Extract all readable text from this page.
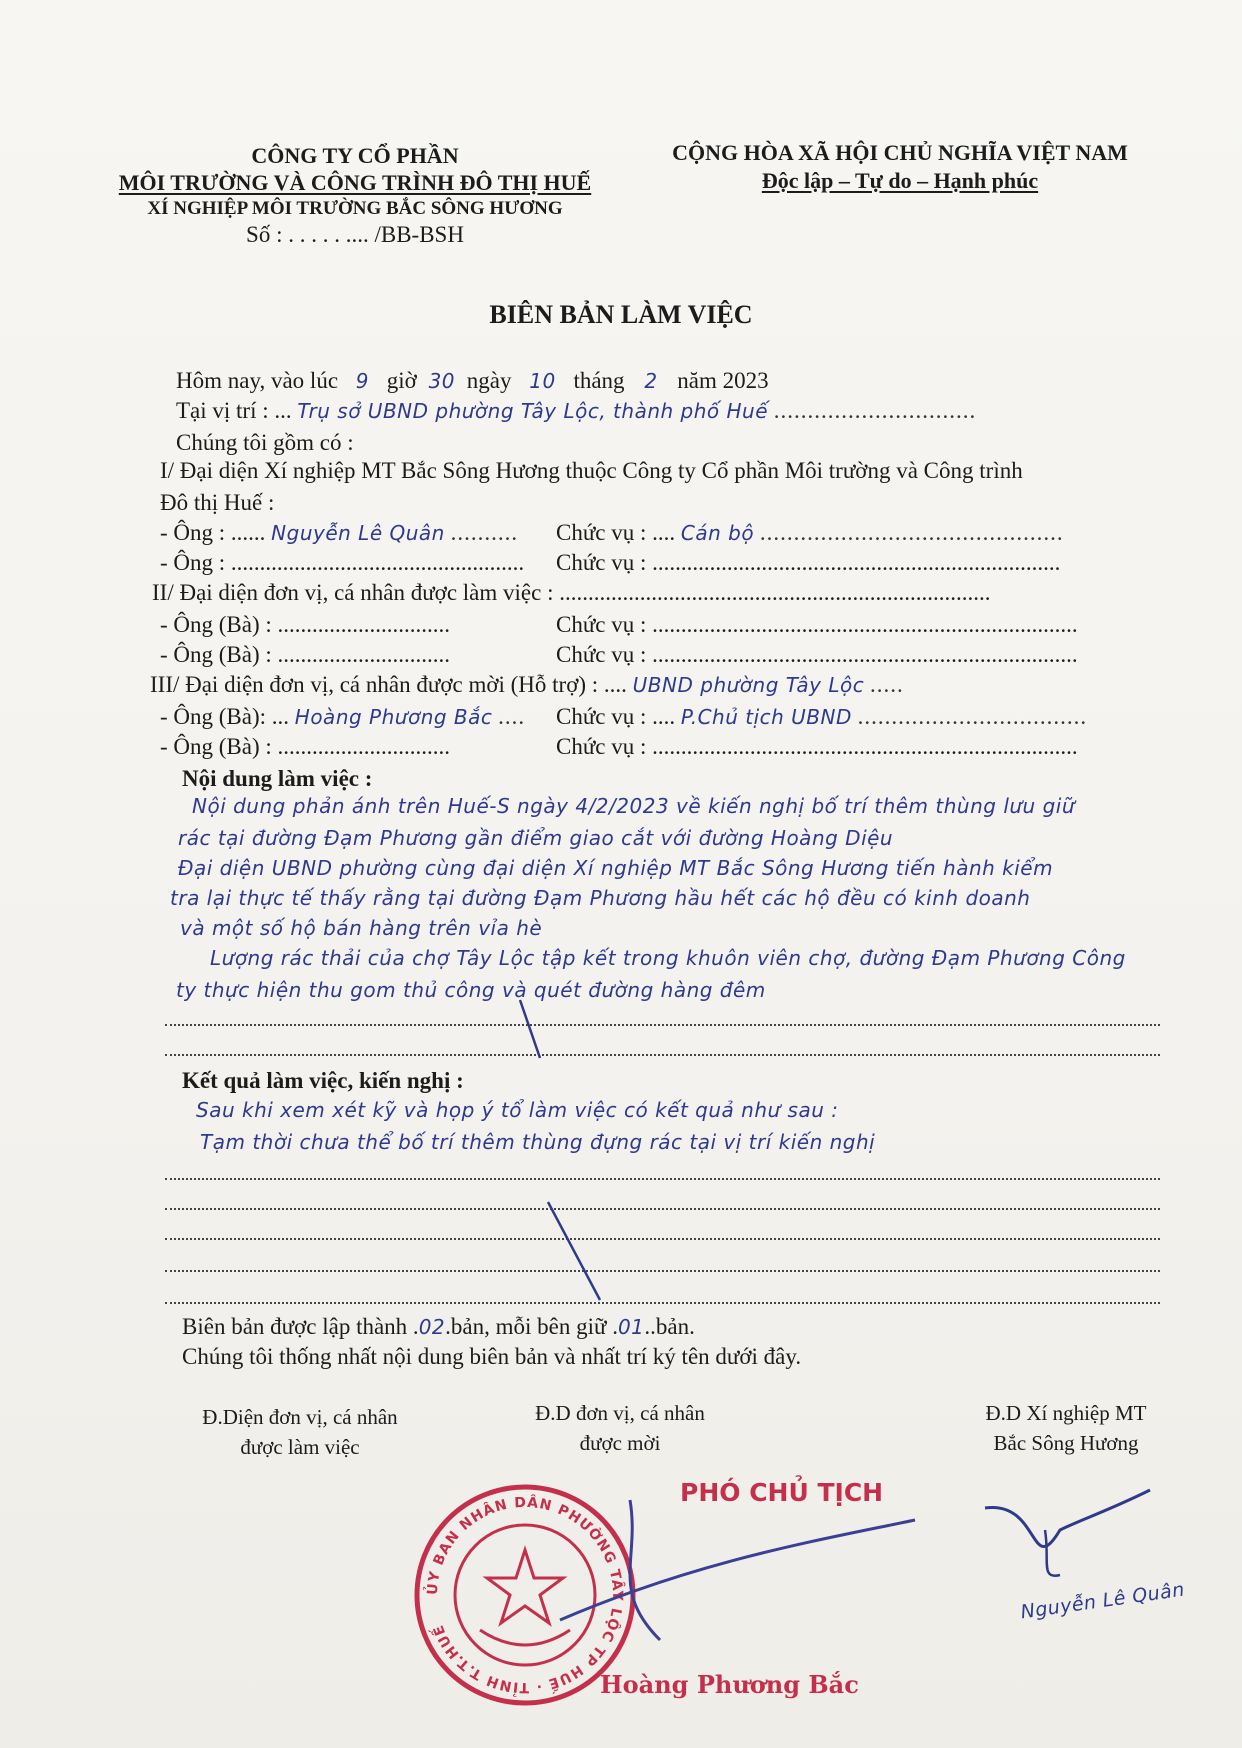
CÔNG TY CỔ PHẦN
MÔI TRƯỜNG VÀ CÔNG TRÌNH ĐÔ THỊ HUẾ
XÍ NGHIỆP MÔI TRƯỜNG BẮC SÔNG HƯƠNG
Số : . . . . . .... /BB-BSH
CỘNG HÒA XÃ HỘI CHỦ NGHĨA VIỆT NAM
Độc lập – Tự do – Hạnh phúc
BIÊN BẢN LÀM VIỆC
Hôm nay, vào lúc 9 giờ 30 ngày 10 tháng 2 năm 2023
Tại vị trí : ... Trụ sở UBND phường Tây Lộc, thành phố Huế ..............................
Chúng tôi gồm có :
I/ Đại diện Xí nghiệp MT Bắc Sông Hương thuộc Công ty Cổ phần Môi trường và Công trình
Đô thị Huế :
- Ông : ...... Nguyễn Lê Quân .......... Chức vụ : .... Cán bộ .............................................
- Ông : ................................................... Chức vụ : .......................................................................
II/ Đại diện đơn vị, cá nhân được làm việc : ...........................................................................
- Ông (Bà) : ..............................	Chức vụ : ..........................................................................
- Ông (Bà) : ..............................	Chức vụ : ..........................................................................
III/ Đại diện đơn vị, cá nhân được mời (Hỗ trợ) : .... UBND phường Tây Lộc .....
- Ông (Bà): ... Hoàng Phương Bắc .... Chức vụ : .... P.Chủ tịch UBND ..................................
- Ông (Bà) : ..............................	Chức vụ : ..........................................................................
Nội dung làm việc :
Nội dung phản ánh trên Huế-S ngày 4/2/2023 về kiến nghị bố trí thêm thùng lưu giữ
rác tại đường Đạm Phương gần điểm giao cắt với đường Hoàng Diệu
Đại diện UBND phường cùng đại diện Xí nghiệp MT Bắc Sông Hương tiến hành kiểm
tra lại thực tế thấy rằng tại đường Đạm Phương hầu hết các hộ đều có kinh doanh
và một số hộ bán hàng trên vỉa hè
Lượng rác thải của chợ Tây Lộc tập kết trong khuôn viên chợ, đường Đạm Phương Công
ty thực hiện thu gom thủ công và quét đường hàng đêm
Kết quả làm việc, kiến nghị :
Sau khi xem xét kỹ và họp ý tổ làm việc có kết quả như sau :
Tạm thời chưa thể bố trí thêm thùng đựng rác tại vị trí kiến nghị
Biên bản được lập thành .02.bản, mỗi bên giữ .01..bản.
Chúng tôi thống nhất nội dung biên bản và nhất trí ký tên dưới đây.
Đ.Diện đơn vị, cá nhân
được làm việc
Đ.D đơn vị, cá nhân
được mời
Đ.D Xí nghiệp MT
Bắc Sông Hương
ỦY BAN NHÂN DÂN PHƯỜNG TÂY LỘC TP HUẾ · TỈNH T.T.HUẾ
PHÓ CHỦ TỊCH
Hoàng Phương Bắc
Nguyễn Lê Quân
